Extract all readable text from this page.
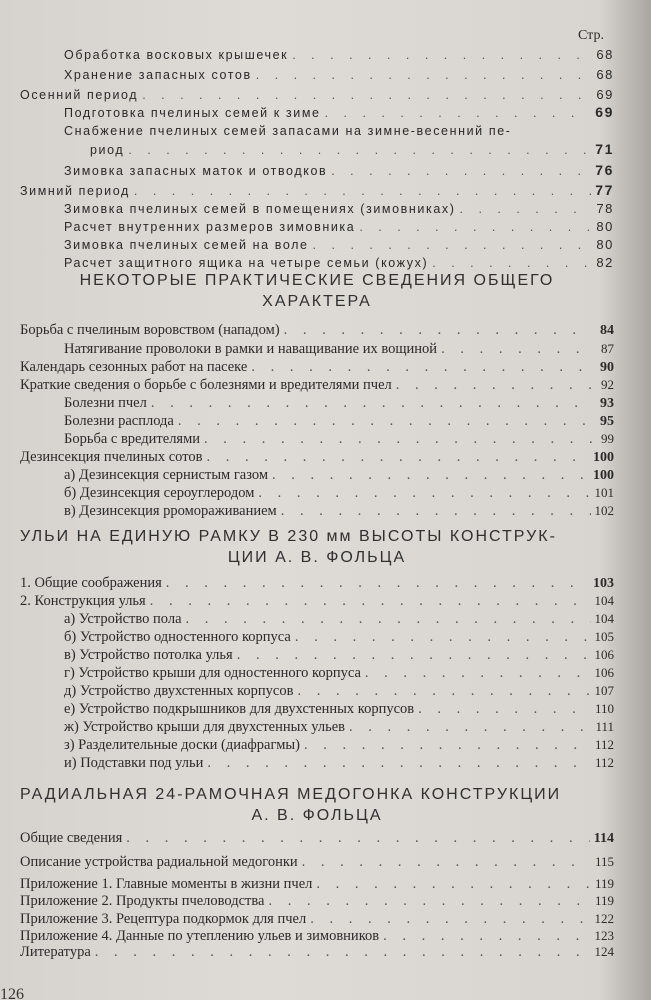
Стр.
Обработка восковых крышечек . . .	68
Хранение запасных сотов . . .	68
Осенний период . . .	69
Подготовка пчелиных семей к зиме . . .	69
Снабжение пчелиных семей запасами на зимне-весенний пе-
риод . . .	71
Зимовка запасных маток и отводков . . .	76
Зимний период . . .	77
Зимовка пчелиных семей в помещениях (зимовниках) . . .	78
Расчет внутренних размеров зимовника . . .	80
Зимовка пчелиных семей на воле . . .	80
Расчет защитного ящика на четыре семьи (кожух) . . .	82
НЕКОТОРЫЕ ПРАКТИЧЕСКИЕ СВЕДЕНИЯ ОБЩЕГО
ХАРАКТЕРА
Борьба с пчелиным воровством (нападом) . . .	84
Натягивание проволоки в рамки и наващивание их вощиной . . .	87
Календарь сезонных работ на пасеке . . .	90
Краткие сведения о борьбе с болезнями и вредителями пчел . . .	92
Болезни пчел . . .	93
Болезни расплода . . .	95
Борьба с вредителями . . .	99
Дезинсекция пчелиных сотов . . .	100
а) Дезинсекция сернистым газом . . .	100
б) Дезинсекция сероуглеродом . . .	101
в) Дезинсекция рромораживанием . . .	102
УЛЬИ НА ЕДИНУЮ РАМКУ В 230 мм ВЫСОТЫ КОНСТРУК-
ЦИИ А. В. ФОЛЬЦА
1. Общие соображения . . .	103
2. Конструкция улья . . .	104
а) Устройство пола . . .	104
б) Устройство одностенного корпуса . . .	105
в) Устройство потолка улья . . .	106
г) Устройство крыши для одностенного корпуса . . .	106
д) Устройство двухстенных корпусов . . .	107
е) Устройство подкрышников для двухстенных корпусов . . .	110
ж) Устройство крыши для двухстенных ульев . . .	111
з) Разделительные доски (диафрагмы) . . .	112
и) Подставки под ульи . . .	112
РАДИАЛЬНАЯ 24-РАМОЧНАЯ МЕДОГОНКА КОНСТРУКЦИИ
А. В. ФОЛЬЦА
Общие сведения . . .	114
Описание устройства радиальной медогонки . . .	115
Приложение 1. Главные моменты в жизни пчел . . .	119
Приложение 2. Продукты пчеловодства . . .	119
Приложение 3. Рецептура подкормок для пчел . . .	122
Приложение 4. Данные по утеплению ульев и зимовников . . .	123
Литература . . .	124
126
